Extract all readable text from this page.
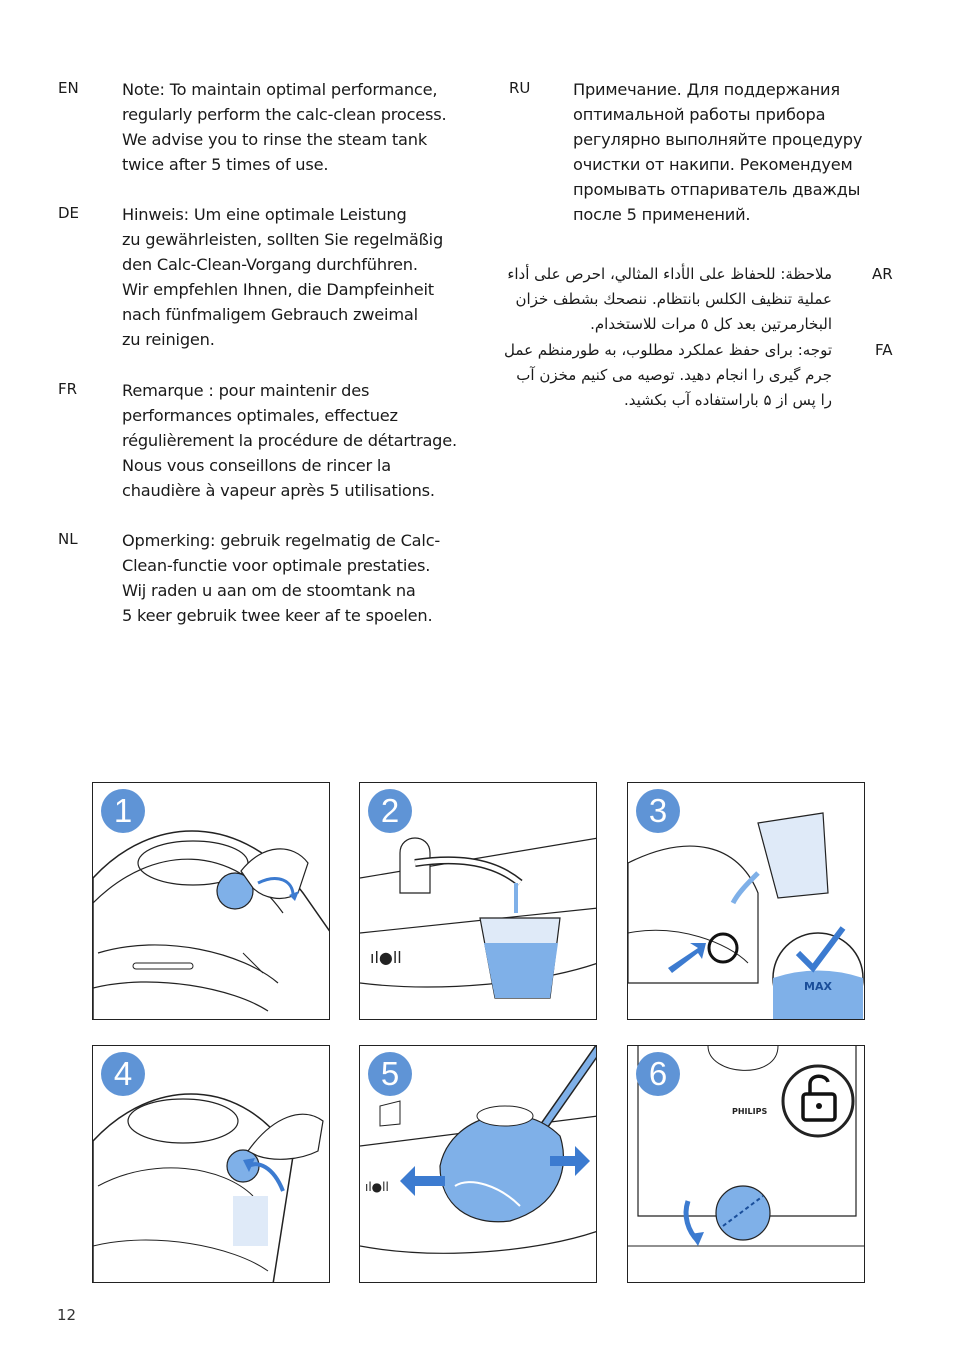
EN	Note: To maintain optimal performance,
regularly perform the calc-clean process.
We advise you to rinse the steam tank
twice after 5 times of use.
DE	Hinweis: Um eine optimale Leistung
zu gewährleisten, sollten Sie regelmäßig
den Calc-Clean-Vorgang durchführen.
Wir empfehlen Ihnen, die Dampfeinheit
nach fünfmaligem Gebrauch zweimal
zu reinigen.
FR	Remarque : pour maintenir des
performances optimales, effectuez
régulièrement la procédure de détartrage.
Nous vous conseillons de rincer la
chaudière à vapeur après 5 utilisations.
NL	Opmerking: gebruik regelmatig de Calc-
Clean-functie voor optimale prestaties.
Wij raden u aan om de stoomtank na
5 keer gebruik twee keer af te spoelen.
RU	Примечание. Для поддержания
оптимальной работы прибора
регулярно выполняйте процедуру
очистки от накипи. Рекомендуем
промывать отпариватель дважды
после 5 применений.
AR
ملاحظة: للحفاظ على الأداء المثالي، احرص على أداء
عملية تنظيف الكلس بانتظام. ننصحك بشطف خزان
البخارمرتين بعد كل ٥ مرات للاستخدام.
FA
توجه: برای حفظ عملکرد مطلوب، به طورمنظم عمل
جرم گیری را انجام دهید. توصیه می کنیم مخزن آب
را پس از ۵ باراستفاده آب بکشید.
1
ıl●ll
2
MAX
3
4
ıl●ll
5
PHILIPS
6
12
